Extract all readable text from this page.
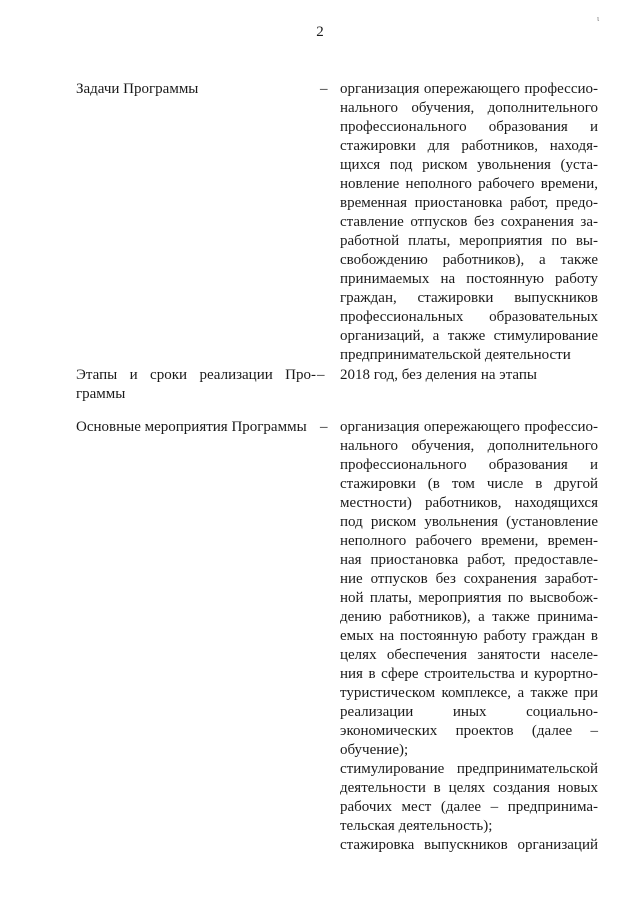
2
ι
Задачи Программы	– организация опережающего профессио-
нального обучения, дополнительного
профессионального образования и
стажировки для работников, находя-
щихся под риском увольнения (уста-
новление неполного рабочего времени,
временная приостановка работ, предо-
ставление отпусков без сохранения за-
работной платы, мероприятия по вы-
свобождению работников), а также
принимаемых на постоянную работу
граждан, стажировки выпускников
профессиональных образовательных
организаций, а также стимулирование
предпринимательской деятельности
Этапы и сроки реализации Про-
граммы
– 2018 год, без деления на этапы
Основные мероприятия Программы – организация опережающего профессио-
нального обучения, дополнительного
профессионального образования и
стажировки (в том числе в другой
местности) работников, находящихся
под риском увольнения (установление
неполного рабочего времени, времен-
ная приостановка работ, предоставле-
ние отпусков без сохранения заработ-
ной платы, мероприятия по высвобож-
дению работников), а также принима-
емых на постоянную работу граждан в
целях обеспечения занятости населе-
ния в сфере строительства и курортно-
туристическом комплексе, а также при
реализации иных социально-
экономических проектов (далее –
обучение);
стимулирование предпринимательской
деятельности в целях создания новых
рабочих мест (далее – предпринима-
тельская деятельность);
стажировка выпускников организаций
